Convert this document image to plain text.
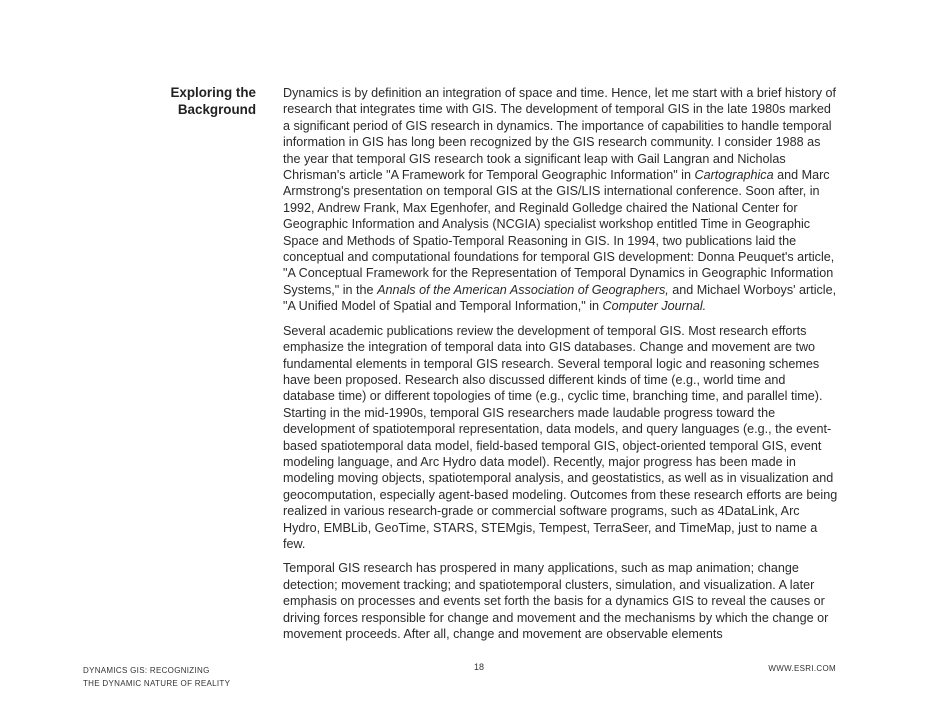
Exploring the
Background

Dynamics is by definition an integration of space and time. Hence, let me start with a brief history of research that integrates time with GIS. The development of temporal GIS in the late 1980s marked a significant period of GIS research in dynamics. The importance of capabilities to handle temporal information in GIS has long been recognized by the GIS research community. I consider 1988 as the year that temporal GIS research took a significant leap with Gail Langran and Nicholas Chrisman's article "A Framework for Temporal Geographic Information" in Cartographica and Marc Armstrong's presentation on temporal GIS at the GIS/LIS international conference. Soon after, in 1992, Andrew Frank, Max Egenhofer, and Reginald Golledge chaired the National Center for Geographic Information and Analysis (NCGIA) specialist workshop entitled Time in Geographic Space and Methods of Spatio-Temporal Reasoning in GIS. In 1994, two publications laid the conceptual and computational foundations for temporal GIS development: Donna Peuquet's article, "A Conceptual Framework for the Representation of Temporal Dynamics in Geographic Information Systems," in the Annals of the American Association of Geographers, and Michael Worboys' article, "A Unified Model of Spatial and Temporal Information," in Computer Journal.

Several academic publications review the development of temporal GIS. Most research efforts emphasize the integration of temporal data into GIS databases. Change and movement are two fundamental elements in temporal GIS research. Several temporal logic and reasoning schemes have been proposed. Research also discussed different kinds of time (e.g., world time and database time) or different topologies of time (e.g., cyclic time, branching time, and parallel time). Starting in the mid-1990s, temporal GIS researchers made laudable progress toward the development of spatiotemporal representation, data models, and query languages (e.g., the event-based spatiotemporal data model, field-based temporal GIS, object-oriented temporal GIS, event modeling language, and Arc Hydro data model). Recently, major progress has been made in modeling moving objects, spatiotemporal analysis, and geostatistics, as well as in visualization and geocomputation, especially agent-based modeling. Outcomes from these research efforts are being realized in various research-grade or commercial software programs, such as 4DataLink, Arc Hydro, EMBLib, GeoTime, STARS, STEMgis, Tempest, TerraSeer, and TimeMap, just to name a few.

Temporal GIS research has prospered in many applications, such as map animation; change detection; movement tracking; and spatiotemporal clusters, simulation, and visualization. A later emphasis on processes and events set forth the basis for a dynamics GIS to reveal the causes or driving forces responsible for change and movement and the mechanisms by which the change or movement proceeds. After all, change and movement are observable elements

DYNAMICS GIS: RECOGNIZING
THE DYNAMIC NATURE OF REALITY
18	WWW.ESRI.COM
